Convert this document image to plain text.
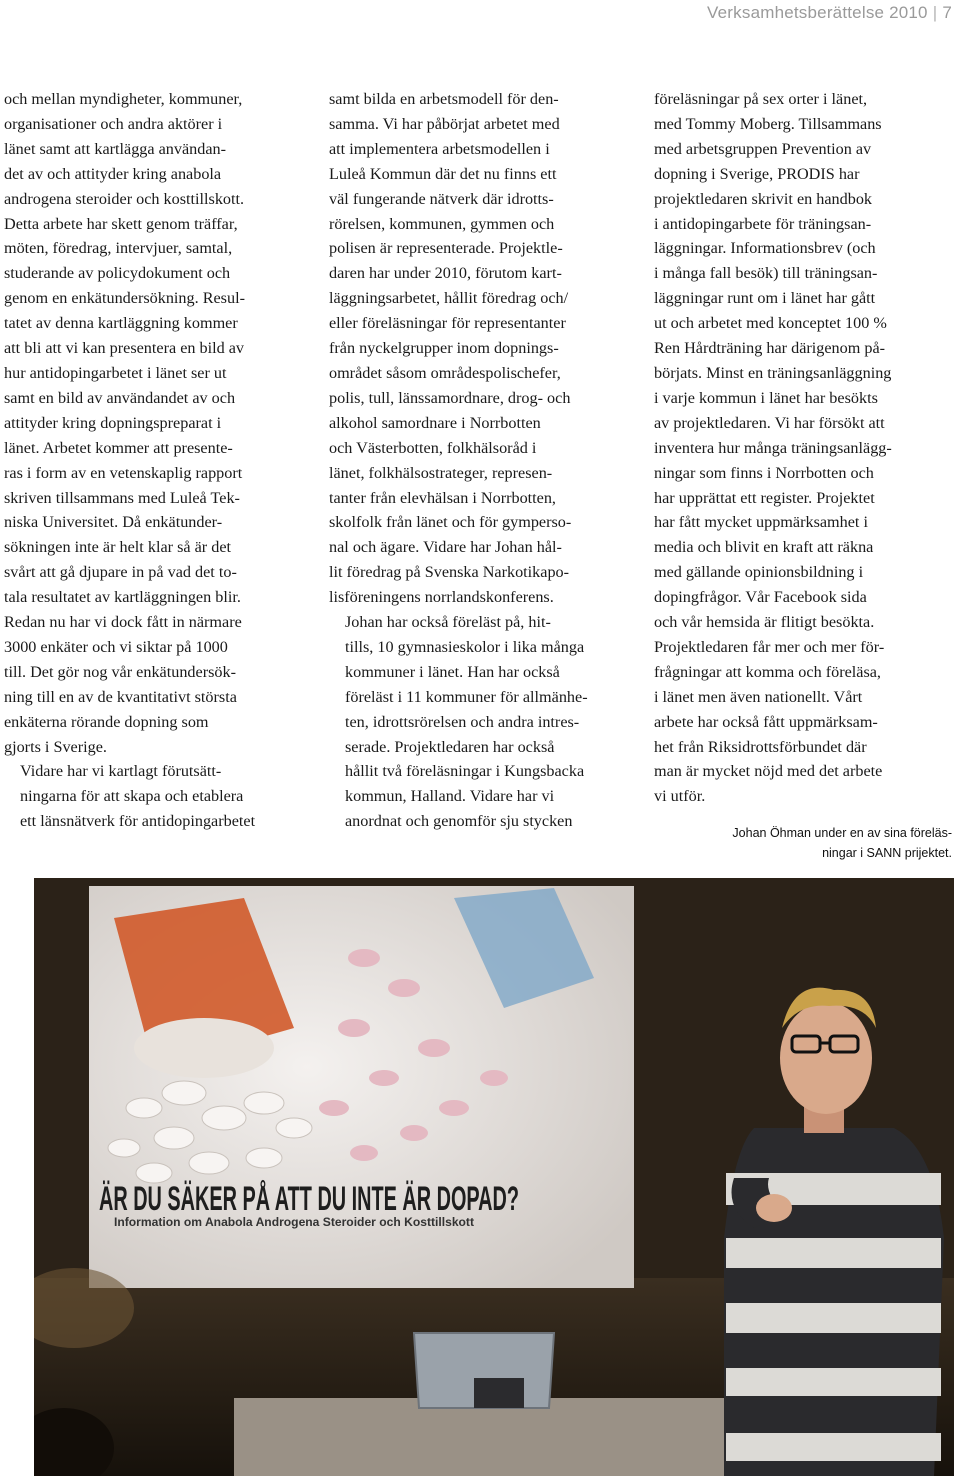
Verksamhetsberättelse 2010 | 7

och mellan myndigheter, kommuner,
organisationer och andra aktörer i
länet samt att kartlägga användan-
det av och attityder kring anabola
androgena steroider och kosttillskott.
Detta arbete har skett genom träffar,
möten, föredrag, intervjuer, samtal,
studerande av policydokument och
genom en enkätundersökning. Resul-
tatet av denna kartläggning kommer
att bli att vi kan presentera en bild av
hur antidopingarbetet i länet ser ut
samt en bild av användandet av och
attityder kring dopningspreparat i
länet. Arbetet kommer att presente-
ras i form av en vetenskaplig rapport
skriven tillsammans med Luleå Tek-
niska Universitet. Då enkätunder-
sökningen inte är helt klar så är det
svårt att gå djupare in på vad det to-
tala resultatet av kartläggningen blir.
Redan nu har vi dock fått in närmare
3000 enkäter och vi siktar på 1000
till. Det gör nog vår enkätundersök-
ning till en av de kvantitativt största
enkäterna rörande dopning som
gjorts i Sverige.

Vidare har vi kartlagt förutsätt-
ningarna för att skapa och etablera
ett länsnätverk för antidopingarbetet

samt bilda en arbetsmodell för den-
samma. Vi har påbörjat arbetet med
att implementera arbetsmodellen i
Luleå Kommun där det nu finns ett
väl fungerande nätverk där idrotts-
rörelsen, kommunen, gymmen och
polisen är representerade. Projektle-
daren har under 2010, förutom kart-
läggningsarbetet, hållit föredrag och/
eller föreläsningar för representanter
från nyckelgrupper inom dopnings-
området såsom områdespolischefer,
polis, tull, länssamordnare, drog- och
alkohol samordnare i Norrbotten
och Västerbotten, folkhälsoråd i
länet, folkhälsostrateger, represen-
tanter från elevhälsan i Norrbotten,
skolfolk från länet och för gymperso-
nal och ägare. Vidare har Johan hål-
lit föredrag på Svenska Narkotikapo-
lisföreningens norrlandskonferens.

Johan har också föreläst på, hit-
tills, 10 gymnasieskolor i lika många
kommuner i länet. Han har också
föreläst i 11 kommuner för allmänhe-
ten, idrottsrörelsen och andra intres-
serade. Projektledaren har också
hållit två föreläsningar i Kungsbacka
kommun, Halland. Vidare har vi
anordnat och genomför sju stycken

föreläsningar på sex orter i länet,
med Tommy Moberg. Tillsammans
med arbetsgruppen Prevention av
dopning i Sverige, PRODIS har
projektledaren skrivit en handbok
i antidopingarbete för träningsan-
läggningar. Informationsbrev (och
i många fall besök) till träningsan-
läggningar runt om i länet har gått
ut och arbetet med konceptet 100 %
Ren Hårdträning har därigenom på-
börjats. Minst en träningsanläggning
i varje kommun i länet har besökts
av projektledaren. Vi har försökt att
inventera hur många träningsanlägg-
ningar som finns i Norrbotten och
har upprättat ett register. Projektet
har fått mycket uppmärksamhet i
media och blivit en kraft att räkna
med gällande opinionsbildning i
dopingfrågor. Vår Facebook sida
och vår hemsida är flitigt besökta.
Projektledaren får mer och mer för-
frågningar att komma och föreläsa,
i länet men även nationellt. Vårt
arbete har också fått uppmärksam-
het från Riksidrottsförbundet där
man är mycket nöjd med det arbete
vi utför.

Johan Öhman under en av sina föreläs-
ningar i SANN prijektet.
ÄR DU SÄKER PÅ ATT DU INTE ÄR DOPAD?
Information om Anabola Androgena Steroider och Kosttillskott
